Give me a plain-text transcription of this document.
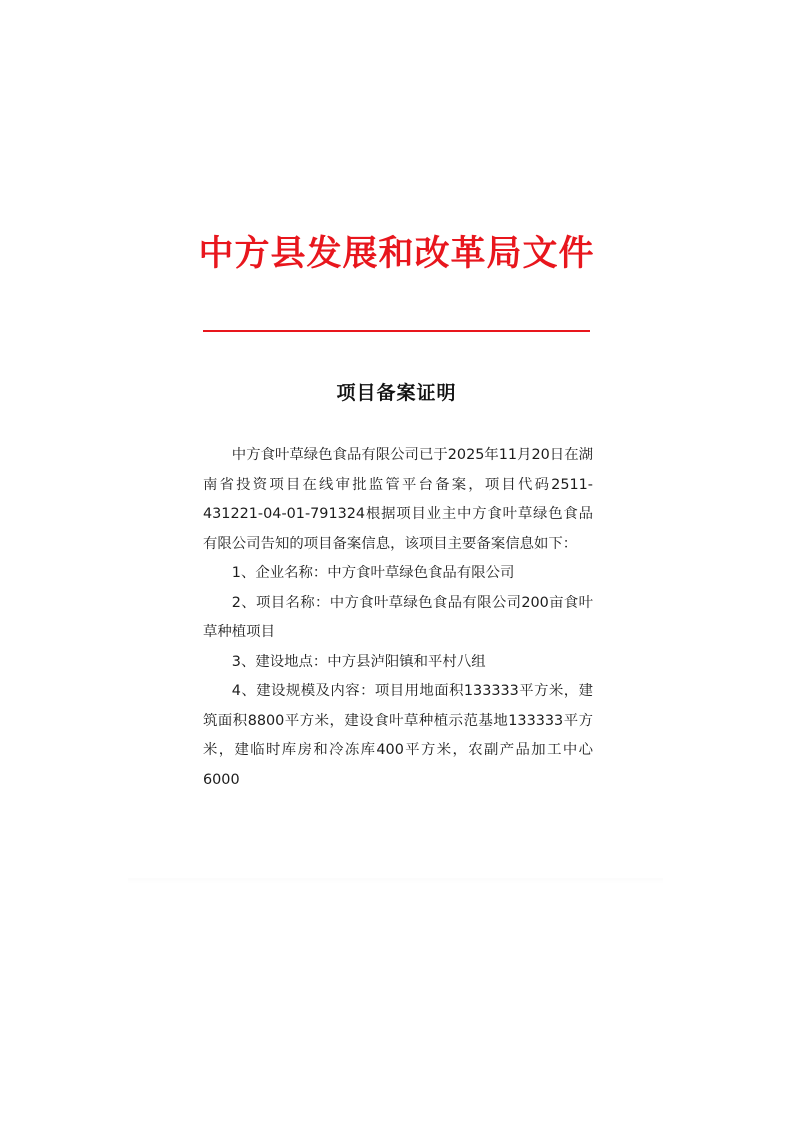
中方县发展和改革局文件
项目备案证明

中方食叶草绿色食品有限公司已于2025年11月20日在湖南省投资项目在线审批监管平台备案，项目代码2511-431221-04-01-791324根据项目业主中方食叶草绿色食品有限公司告知的项目备案信息，该项目主要备案信息如下：

1、企业名称：中方食叶草绿色食品有限公司

2、项目名称：中方食叶草绿色食品有限公司200亩食叶草种植项目

3、建设地点：中方县泸阳镇和平村八组

4、建设规模及内容：项目用地面积133333平方米，建筑面积8800平方米，建设食叶草种植示范基地133333平方米，建临时库房和冷冻库400平方米，农副产品加工中心6000
